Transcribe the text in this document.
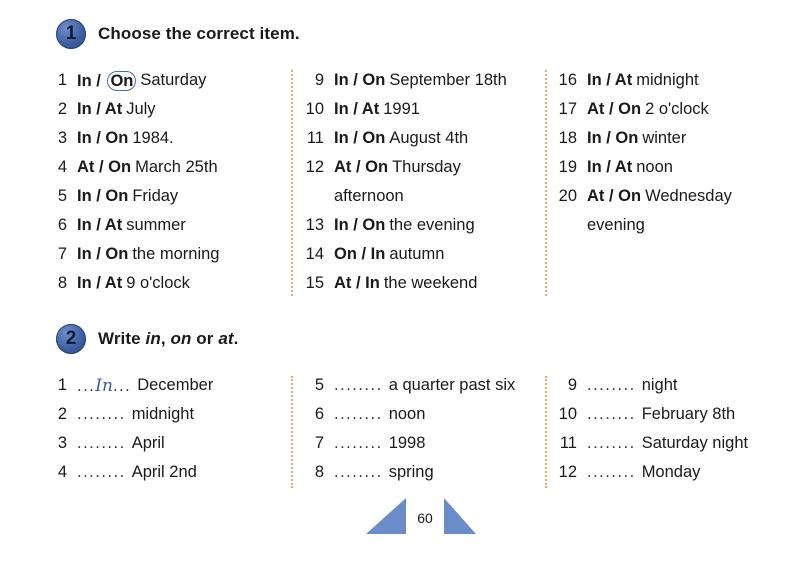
1	Choose the correct item.
1 In / On Saturday
2 In / At July
3 In / On 1984.
4 At / On March 25th
5 In / On Friday
6 In / At summer
7 In / On the morning
8 In / At 9 o'clock
9 In / On September 18th
10 In / At 1991
11 In / On August 4th
12 At / On Thursday
afternoon
13 In / On the evening
14 On / In autumn
15 At / In the weekend
16 In / At midnight
17 At / On 2 o'clock
18 In / On winter
19 In / At noon
20 At / On Wednesday
evening
2	Write in, on or at.
1 ...In... December
2 ........ midnight
3 ........ April
4 ........ April 2nd
5 ........ a quarter past six
6 ........ noon
7 ........ 1998
8 ........ spring
9 ........ night
10 ........ February 8th
11 ........ Saturday night
12 ........ Monday
60
